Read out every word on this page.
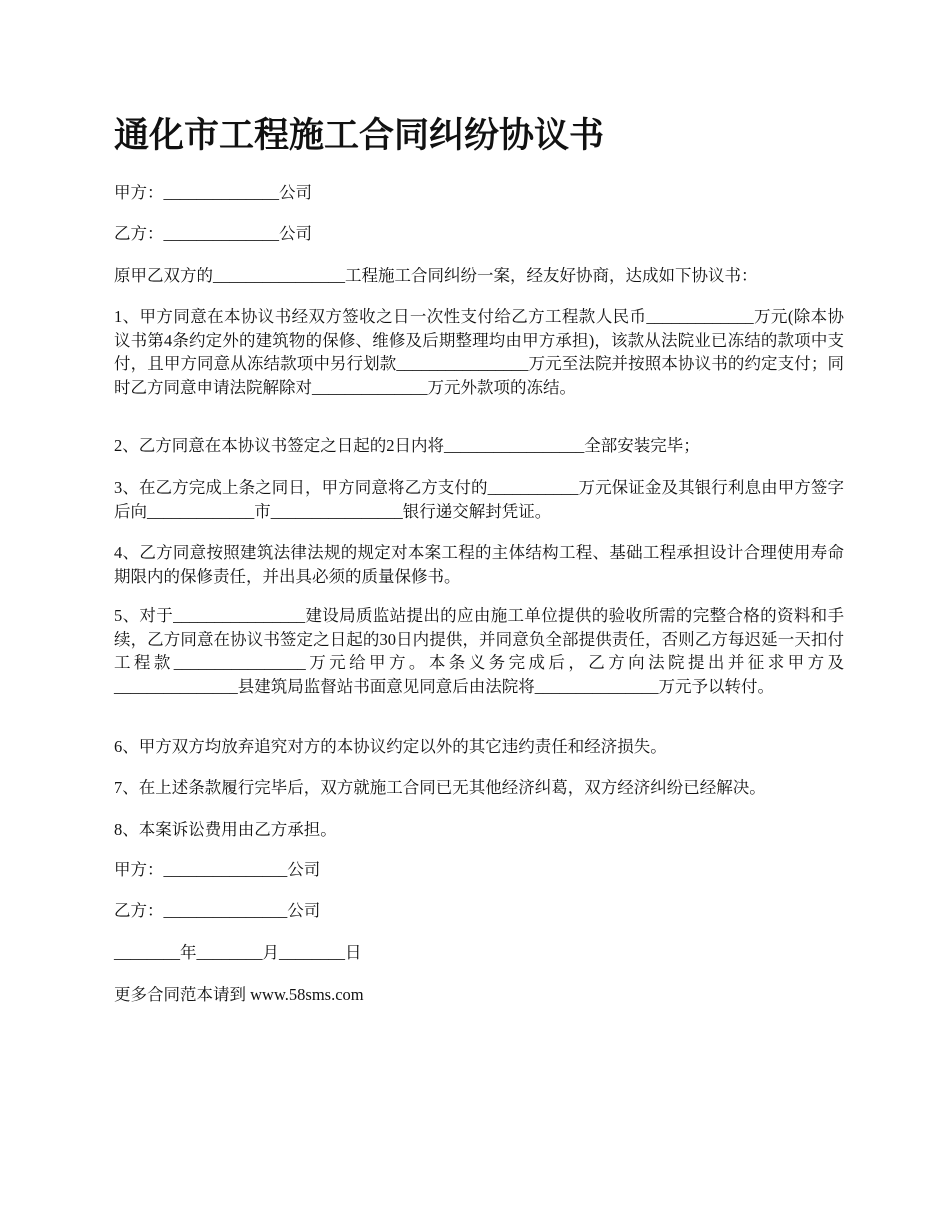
通化市工程施工合同纠纷协议书

甲方：______________公司

乙方：______________公司

原甲乙双方的________________工程施工合同纠纷一案，经友好协商，达成如下协议书：

1、甲方同意在本协议书经双方签收之日一次性支付给乙方工程款人民币_____________万元(除本协议书第4条约定外的建筑物的保修、维修及后期整理均由甲方承担)，该款从法院业已冻结的款项中支付，且甲方同意从冻结款项中另行划款________________万元至法院并按照本协议书的约定支付；同时乙方同意申请法院解除对______________万元外款项的冻结。

2、乙方同意在本协议书签定之日起的2日内将_________________全部安装完毕；

3、在乙方完成上条之同日，甲方同意将乙方支付的___________万元保证金及其银行利息由甲方签字后向_____________市________________银行递交解封凭证。

4、乙方同意按照建筑法律法规的规定对本案工程的主体结构工程、基础工程承担设计合理使用寿命期限内的保修责任，并出具必须的质量保修书。

5、对于________________建设局质监站提出的应由施工单位提供的验收所需的完整合格的资料和手续，乙方同意在协议书签定之日起的30日内提供，并同意负全部提供责任，否则乙方每迟延一天扣付工程款________________万元给甲方。本条义务完成后，乙方向法院提出并征求甲方及_______________县建筑局监督站书面意见同意后由法院将_______________万元予以转付。

6、甲方双方均放弃追究对方的本协议约定以外的其它违约责任和经济损失。

7、在上述条款履行完毕后，双方就施工合同已无其他经济纠葛，双方经济纠纷已经解决。

8、本案诉讼费用由乙方承担。

甲方：_______________公司

乙方：_______________公司

________年________月________日

更多合同范本请到 www.58sms.com
